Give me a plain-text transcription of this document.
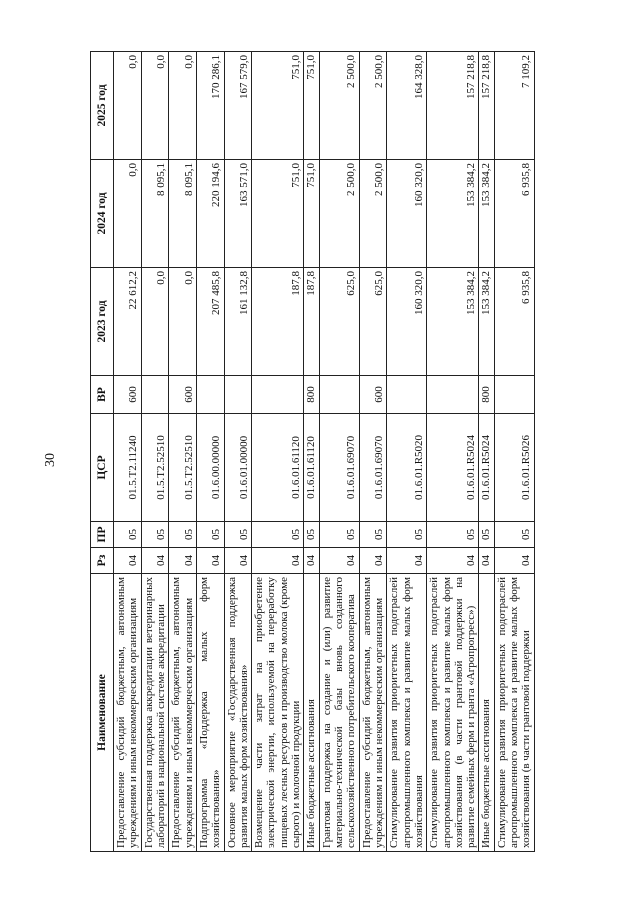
30
Наименование	Рз	ПР	ЦСР	ВР	2023 год	2024 год	2025 год
Предоставление субсидий бюджетным, автономным учреждениям и иным некоммерческим организациям	04	05	01.5.Т2.11240	600	22 612,2	0,0	0,0
Государственная поддержка аккредитации ветеринарных лабораторий в национальной системе аккредитации	04	05	01.5.Т2.52510		0,0	8 095,1	0,0
Предоставление субсидий бюджетным, автономным учреждениям и иным некоммерческим организациям	04	05	01.5.Т2.52510	600	0,0	8 095,1	0,0
Подпрограмма «Поддержка малых форм хозяйствования»	04	05	01.6.00.00000		207 485,8	220 194,6	170 286,1
Основное мероприятие «Государственная поддержка развития малых форм хозяйствования»	04	05	01.6.01.00000		161 132,8	163 571,0	167 579,0
Возмещение части затрат на приобретение электрической энергии, используемой на переработку пищевых лесных ресурсов и производство молока (кроме сырого) и молочной продукции	04	05	01.6.01.61120		187,8	751,0	751,0
Иные бюджетные ассигнования	04	05	01.6.01.61120	800	187,8	751,0	751,0
Грантовая поддержка на создание и (или) развитие материально-технической базы вновь созданного сельскохозяйственного потребительского кооператива	04	05	01.6.01.69070		625,0	2 500,0	2 500,0
Предоставление субсидий бюджетным, автономным учреждениям и иным некоммерческим организациям	04	05	01.6.01.69070	600	625,0	2 500,0	2 500,0
Стимулирование развития приоритетных подотраслей агропромышленного комплекса и развитие малых форм хозяйствования	04	05	01.6.01.R5020		160 320,0	160 320,0	164 328,0
Стимулирование развития приоритетных подотраслей агропромышленного комплекса и развитие малых форм хозяйствования (в части грантовой поддержки на развитие семейных ферм и гранта «Агропрогресс»)	04	05	01.6.01.R5024		153 384,2	153 384,2	157 218,8
Иные бюджетные ассигнования	04	05	01.6.01.R5024	800	153 384,2	153 384,2	157 218,8
Стимулирование развития приоритетных подотраслей агропромышленного комплекса и развитие малых форм хозяйствования (в части грантовой поддержки	04	05	01.6.01.R5026		6 935,8	6 935,8	7 109,2
